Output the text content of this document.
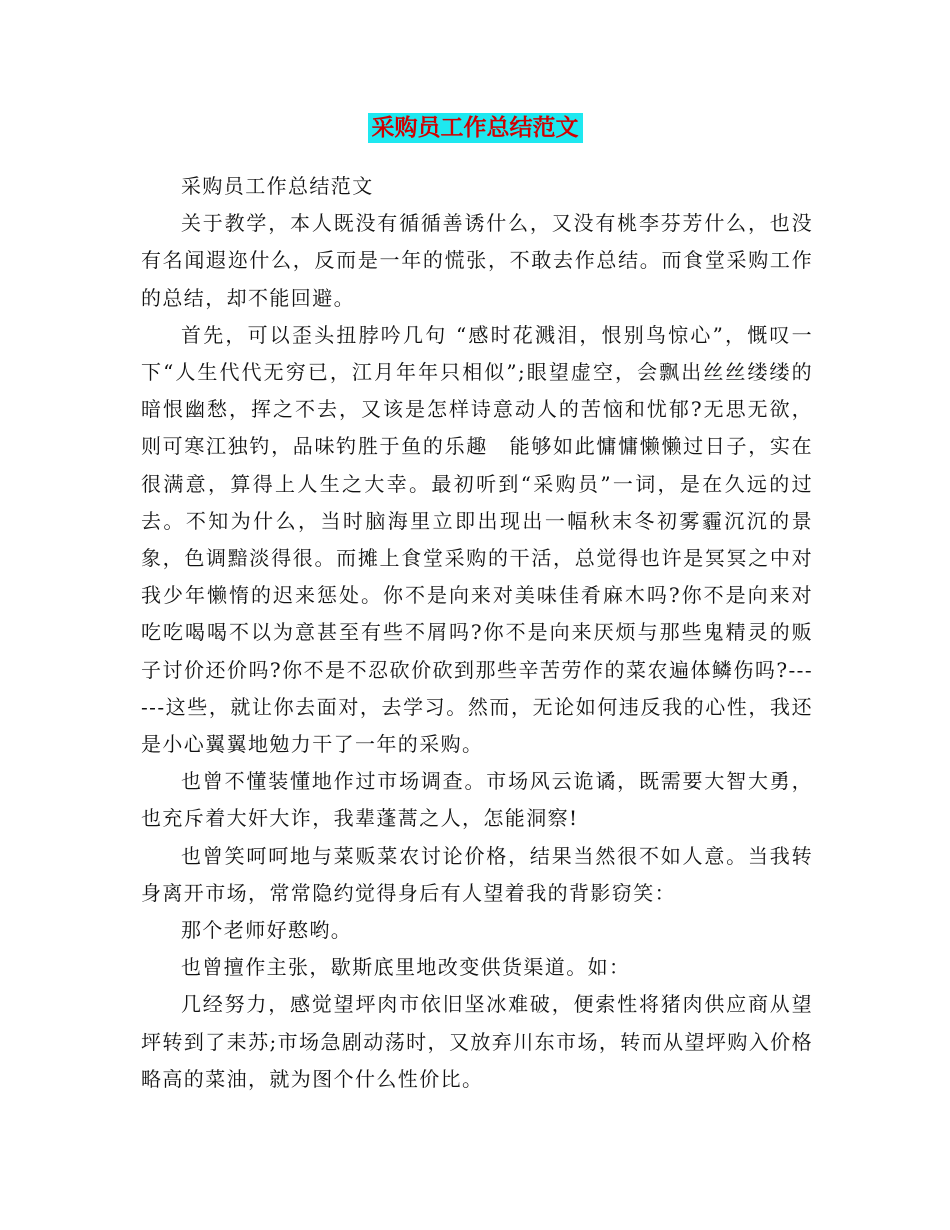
采购员工作总结范文

采购员工作总结范文

关于教学，本人既没有循循善诱什么，又没有桃李芬芳什么，也没有名闻遐迩什么，反而是一年的慌张，不敢去作总结。而食堂采购工作的总结，却不能回避。

首先，可以歪头扭脖吟几句 “感时花溅泪，恨别鸟惊心”，慨叹一下“人生代代无穷已，江月年年只相似”;眼望虚空，会飘出丝丝缕缕的暗恨幽愁，挥之不去，又该是怎样诗意动人的苦恼和忧郁?无思无欲，则可寒江独钓，品味钓胜于鱼的乐趣　能够如此慵慵懒懒过日子，实在很满意，算得上人生之大幸。最初听到“采购员”一词，是在久远的过去。不知为什么，当时脑海里立即出现出一幅秋末冬初雾霾沉沉的景象，色调黯淡得很。而摊上食堂采购的干活，总觉得也许是冥冥之中对我少年懒惰的迟来惩处。你不是向来对美味佳肴麻木吗?你不是向来对吃吃喝喝不以为意甚至有些不屑吗?你不是向来厌烦与那些鬼精灵的贩子讨价还价吗?你不是不忍砍价砍到那些辛苦劳作的菜农遍体鳞伤吗?------这些，就让你去面对，去学习。然而，无论如何违反我的心性，我还是小心翼翼地勉力干了一年的采购。

也曾不懂装懂地作过市场调查。市场风云诡谲，既需要大智大勇，也充斥着大奸大诈，我辈蓬蒿之人，怎能洞察!

也曾笑呵呵地与菜贩菜农讨论价格，结果当然很不如人意。当我转身离开市场，常常隐约觉得身后有人望着我的背影窃笑：

那个老师好憨哟。

也曾擅作主张，歇斯底里地改变供货渠道。如：

几经努力，感觉望坪肉市依旧坚冰难破，便索性将猪肉供应商从望坪转到了耒苏;市场急剧动荡时，又放弃川东市场，转而从望坪购入价格略高的菜油，就为图个什么性价比。
